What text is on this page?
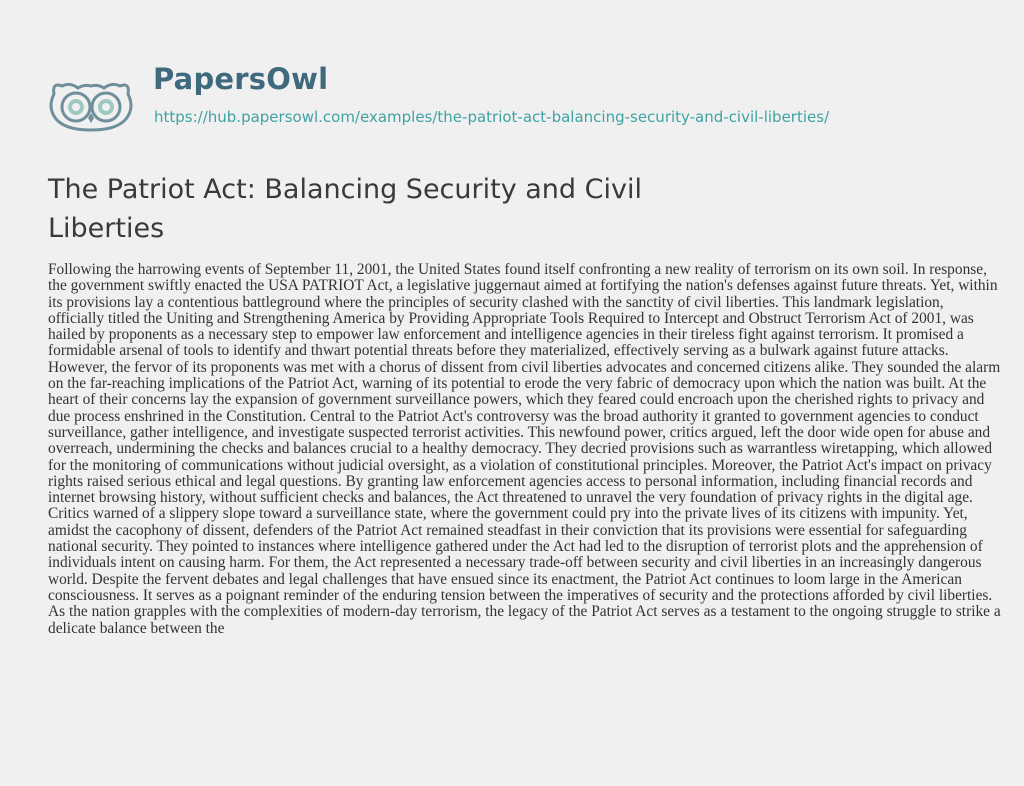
PapersOwl
https://hub.papersowl.com/examples/the-patriot-act-balancing-security-and-civil-liberties/
The Patriot Act: Balancing Security and Civil Liberties

Following the harrowing events of September 11, 2001, the United States found itself confronting a new reality of terrorism on its own soil. In response, the government swiftly enacted the USA PATRIOT Act, a legislative juggernaut aimed at fortifying the nation's defenses against future threats. Yet, within its provisions lay a contentious battleground where the principles of security clashed with the sanctity of civil liberties. This landmark legislation, officially titled the Uniting and Strengthening America by Providing Appropriate Tools Required to Intercept and Obstruct Terrorism Act of 2001, was hailed by proponents as a necessary step to empower law enforcement and intelligence agencies in their tireless fight against terrorism. It promised a formidable arsenal of tools to identify and thwart potential threats before they materialized, effectively serving as a bulwark against future attacks. However, the fervor of its proponents was met with a chorus of dissent from civil liberties advocates and concerned citizens alike. They sounded the alarm on the far-reaching implications of the Patriot Act, warning of its potential to erode the very fabric of democracy upon which the nation was built. At the heart of their concerns lay the expansion of government surveillance powers, which they feared could encroach upon the cherished rights to privacy and due process enshrined in the Constitution. Central to the Patriot Act's controversy was the broad authority it granted to government agencies to conduct surveillance, gather intelligence, and investigate suspected terrorist activities. This newfound power, critics argued, left the door wide open for abuse and overreach, undermining the checks and balances crucial to a healthy democracy. They decried provisions such as warrantless wiretapping, which allowed for the monitoring of communications without judicial oversight, as a violation of constitutional principles. Moreover, the Patriot Act's impact on privacy rights raised serious ethical and legal questions. By granting law enforcement agencies access to personal information, including financial records and internet browsing history, without sufficient checks and balances, the Act threatened to unravel the very foundation of privacy rights in the digital age. Critics warned of a slippery slope toward a surveillance state, where the government could pry into the private lives of its citizens with impunity. Yet, amidst the cacophony of dissent, defenders of the Patriot Act remained steadfast in their conviction that its provisions were essential for safeguarding national security. They pointed to instances where intelligence gathered under the Act had led to the disruption of terrorist plots and the apprehension of individuals intent on causing harm. For them, the Act represented a necessary trade-off between security and civil liberties in an increasingly dangerous world. Despite the fervent debates and legal challenges that have ensued since its enactment, the Patriot Act continues to loom large in the American consciousness. It serves as a poignant reminder of the enduring tension between the imperatives of security and the protections afforded by civil liberties. As the nation grapples with the complexities of modern-day terrorism, the legacy of the Patriot Act serves as a testament to the ongoing struggle to strike a delicate balance between the
